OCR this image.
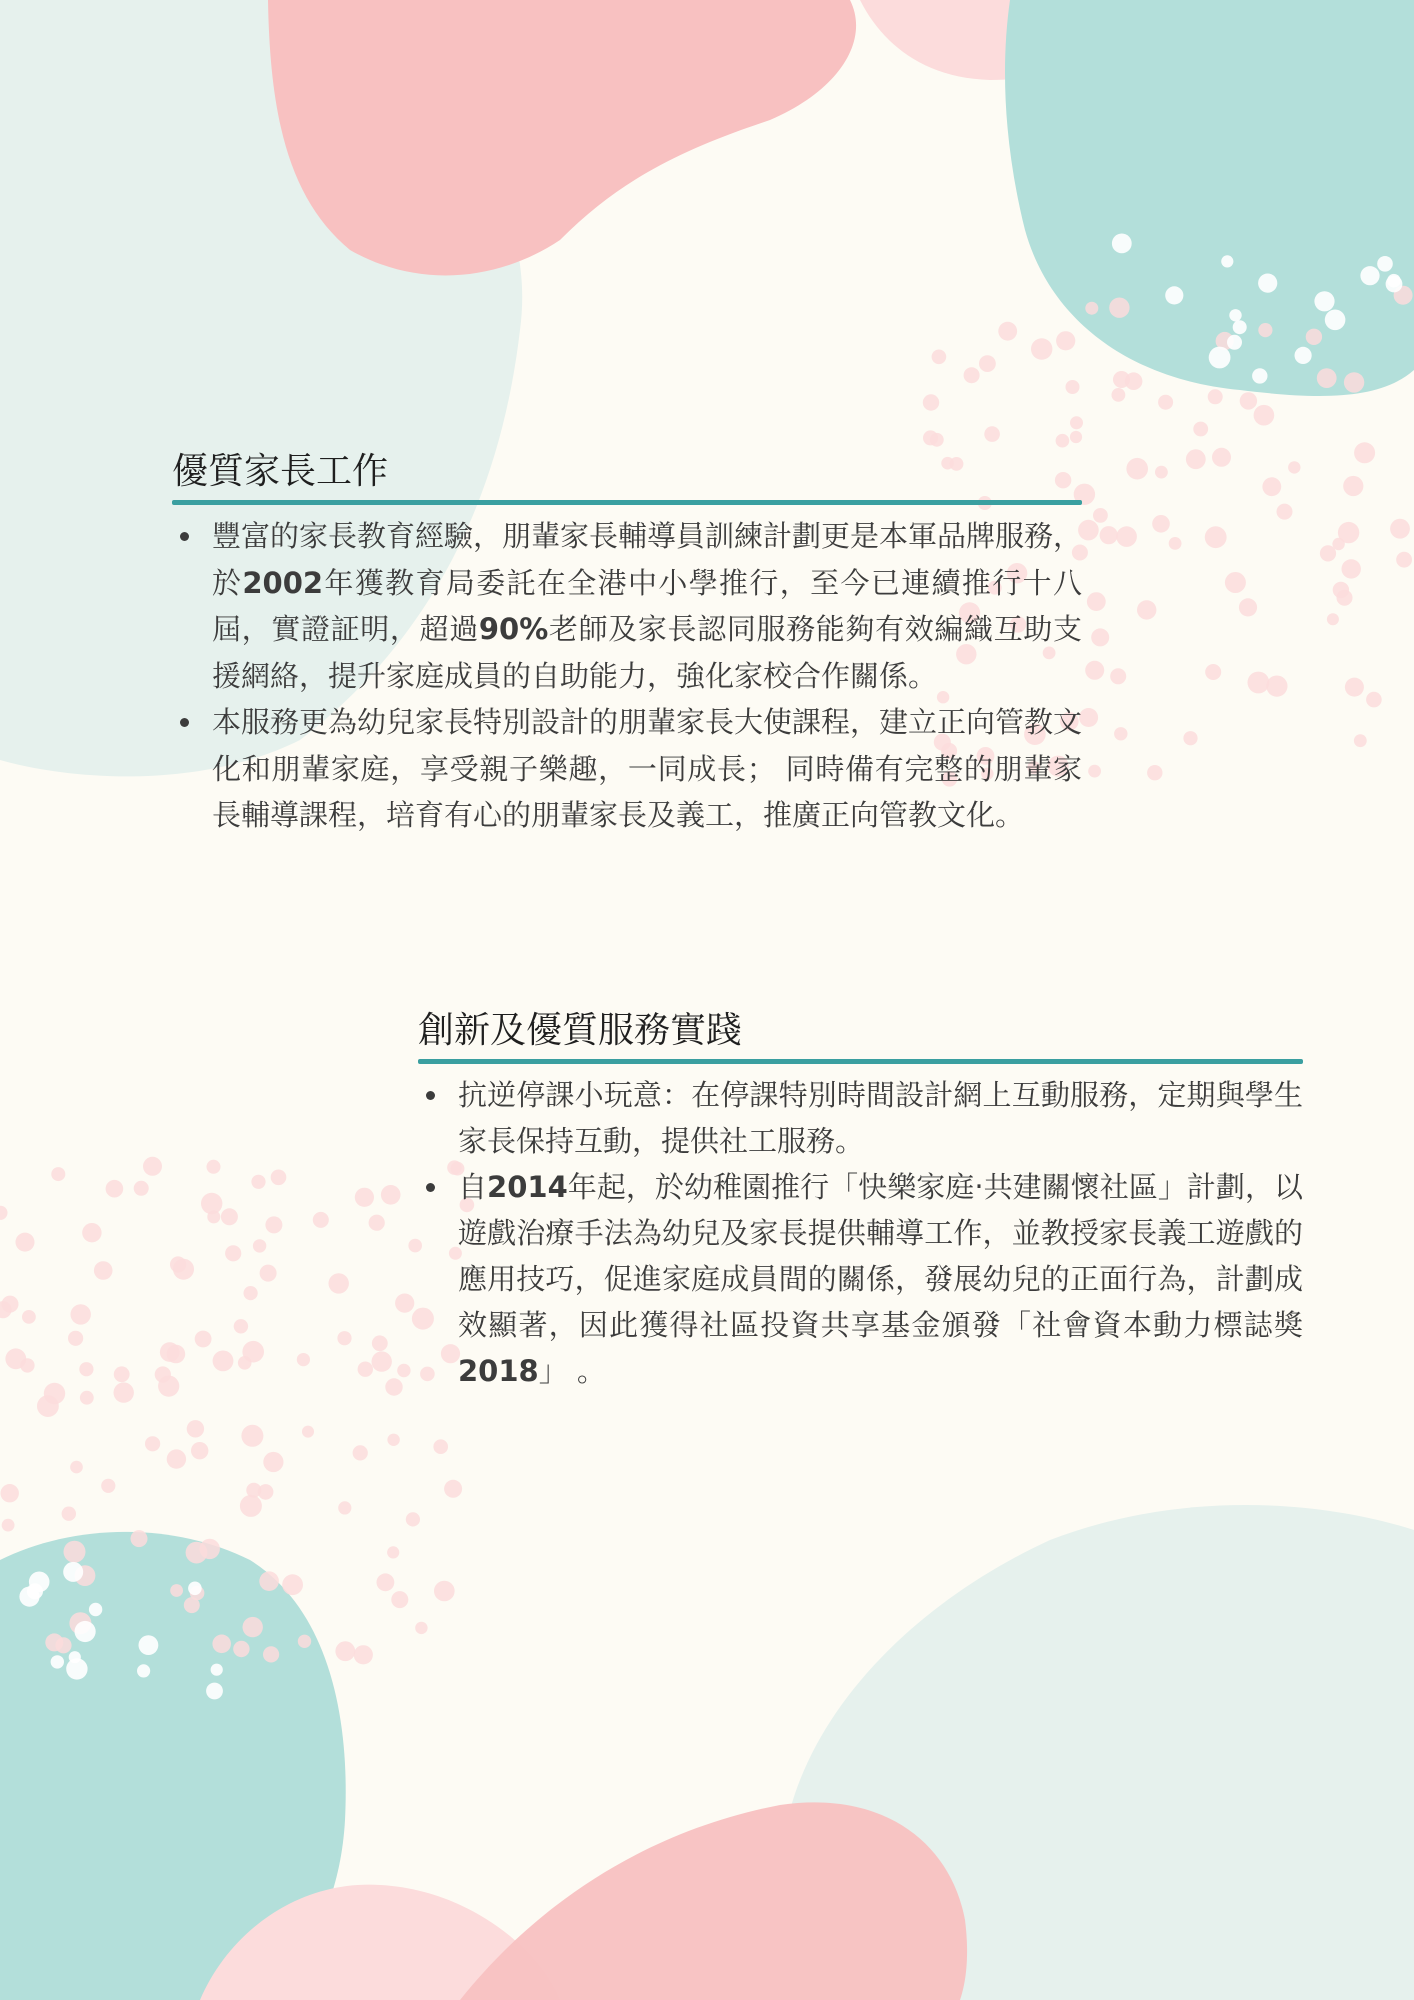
優質家長工作
豐富的家長教育經驗，朋輩家長輔導員訓練計劃更是本軍品牌服務，於2002年獲教育局委託在全港中小學推行，至今已連續推行十八屆，實證証明，超過90%老師及家長認同服務能夠有效編織互助支援網絡，提升家庭成員的自助能力，強化家校合作關係。
本服務更為幼兒家長特別設計的朋輩家長大使課程，建立正向管教文化和朋輩家庭，享受親子樂趣，一同成長； 同時備有完整的朋輩家長輔導課程，培育有心的朋輩家長及義工，推廣正向管教文化。
創新及優質服務實踐
抗逆停課小玩意：在停課特別時間設計網上互動服務，定期與學生家長保持互動，提供社工服務。
自2014年起，於幼稚園推行「快樂家庭‧共建關懷社區」計劃，以遊戲治療手法為幼兒及家長提供輔導工作，並教授家長義工遊戲的應用技巧，促進家庭成員間的關係，發展幼兒的正面行為，計劃成效顯著，因此獲得社區投資共享基金頒發「社會資本動力標誌獎2018」 。
